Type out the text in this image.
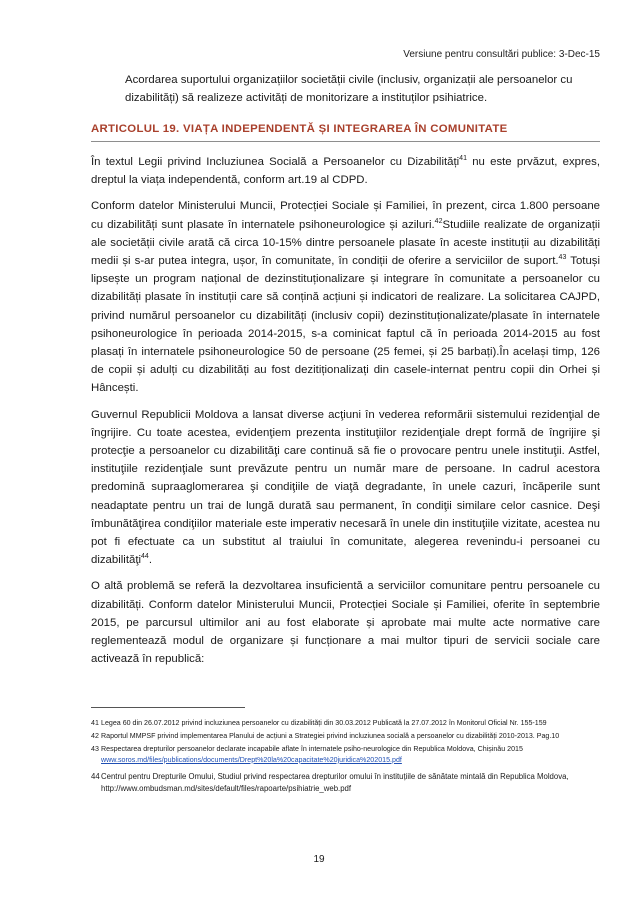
Versiune pentru consultări publice: 3-Dec-15
Acordarea suportului organizațiilor societății civile (inclusiv, organizații ale persoanelor cu dizabilități) să realizeze activități de monitorizare a instituților psihiatrice.
ARTICOLUL 19. VIAȚA INDEPENDENTĂ ȘI INTEGRAREA ÎN COMUNITATE

În textul Legii privind Incluziunea Socială a Persoanelor cu Dizabilități$^{41}$ nu este prvăzut, expres, dreptul la viața independentă, conform art.19 al CDPD.

Conform datelor Ministerului Muncii, Protecției Sociale și Familiei, în prezent, circa 1.800 persoane cu dizabilități sunt plasate în internatele psihoneurologice și aziluri.$^{42}$Studiile realizate de organizații ale societății civile arată că circa 10-15% dintre persoanele plasate în aceste instituții au dizabilități medii și s-ar putea integra, ușor, în comunitate, în condiții de oferire a serviciilor de suport.$^{43}$ Totuși lipsește un program național de dezinstituționalizare și integrare în comunitate a persoanelor cu dizabilități plasate în instituții care să conțină acțiuni și indicatori de realizare. La solicitarea CAJPD, privind numărul persoanelor cu dizabilități (inclusiv copii) dezinstituționalizate/plasate în internatele psihoneurologice în perioada 2014-2015, s-a cominicat faptul că în perioada 2014-2015 au fost plasați în internatele psihoneurologice 50 de persoane (25 femei, și 25 barbați).În același timp, 126 de copii și adulți cu dizabilități au fost dezitiționalizați din casele-internat pentru copii din Orhei și Hâncești.

Guvernul Republicii Moldova a lansat diverse acţiuni în vederea reformării sistemului rezidenţial de îngrijire. Cu toate acestea, evidenţiem prezenta instituţiilor rezidenţiale drept formă de îngrijire şi protecţie a persoanelor cu dizabilităţi care continuă să fie o provocare pentru unele instituţii. Astfel, instituţiile rezidenţiale sunt prevăzute pentru un număr mare de persoane. In cadrul acestora predomină supraaglomerarea şi condiţiile de viaţă degradante, în unele cazuri, încăperile sunt neadaptate pentru un trai de lungă durată sau permanent, în condiţii similare celor casnice. Deşi îmbunătăţirea condiţiilor materiale este imperativ necesară în unele din instituţiile vizitate, acestea nu pot fi efectuate ca un substitut al traiului în comunitate, alegerea revenindu-i persoanei cu dizabilităţi$^{44}$.

O altă problemă se referă la dezvoltarea insuficientă a serviciilor comunitare pentru persoanele cu dizabilități. Conform datelor Ministerului Muncii, Protecției Sociale și Familiei, oferite în septembrie 2015, pe parcursul ultimilor ani au fost elaborate și aprobate mai multe acte normative care reglementează modul de organizare și funcționare a mai multor tipuri de servicii sociale care activează în republică:

41 Legea 60 din 26.07.2012 privind incluziunea persoanelor cu dizabilități din 30.03.2012 Publicată la 27.07.2012 în Monitorul Oficial Nr. 155-159
42 Raportul MMPSF privind implementarea Planului de acțiuni a Strategiei privind incluziunea socială a persoanelor cu dizabilități 2010-2013. Pag.10
43 Respectarea drepturilor persoanelor declarate incapabile aflate în internatele psiho-neurologice din Republica Moldova, Chișinău 2015
www.soros.md/files/publications/documents/Drept%20la%20capacitate%20juridica%202015.pdf
44 Centrul pentru Drepturile Omului, Studiul privind respectarea drepturilor omului în instituțiile de sănătate mintală din Republica Moldova, http://www.ombudsman.md/sites/default/files/rapoarte/psihiatrie_web.pdf
19
